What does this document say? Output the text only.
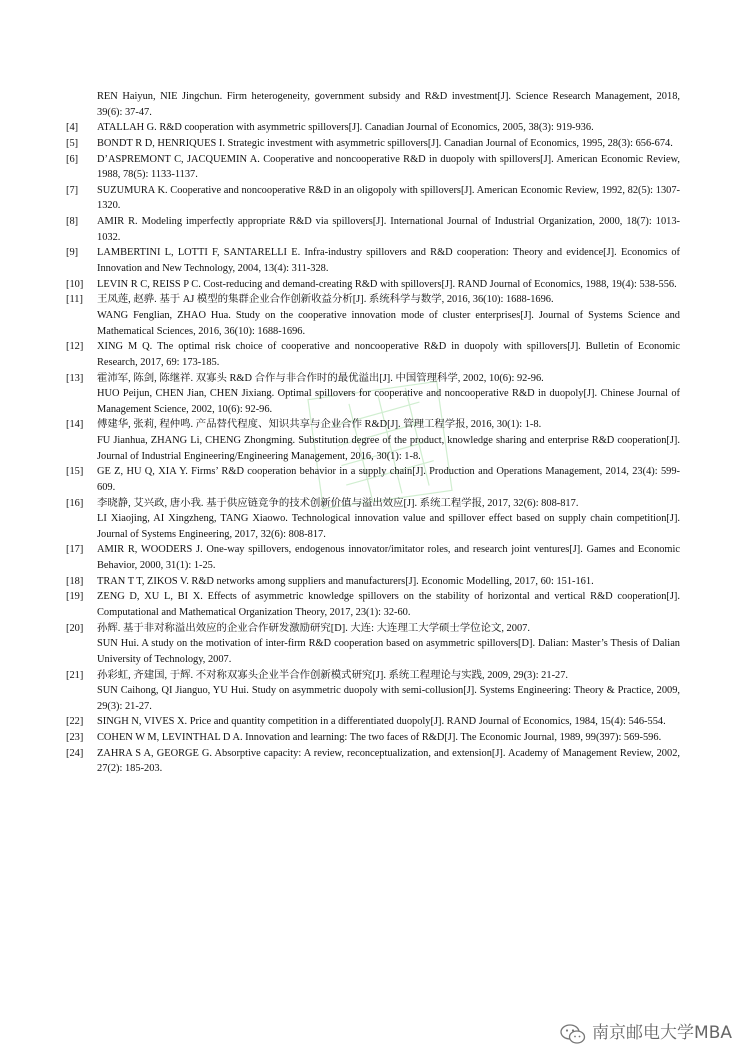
REN Haiyun, NIE Jingchun. Firm heterogeneity, government subsidy and R&D investment[J]. Science Research Management, 2018, 39(6): 37-47.

[4]	ATALLAH G. R&D cooperation with asymmetric spillovers[J]. Canadian Journal of Economics, 2005, 38(3): 919-936.

[5]	BONDT R D, HENRIQUES I. Strategic investment with asymmetric spillovers[J]. Canadian Journal of Economics, 1995, 28(3): 656-674.

[6]	D’ASPREMONT C, JACQUEMIN A. Cooperative and noncooperative R&D in duopoly with spillovers[J]. American Economic Review, 1988, 78(5): 1133-1137.

[7]	SUZUMURA K. Cooperative and noncooperative R&D in an oligopoly with spillovers[J]. American Economic Review, 1992, 82(5): 1307-1320.

[8]	AMIR R. Modeling imperfectly appropriate R&D via spillovers[J]. International Journal of Industrial Organization, 2000, 18(7): 1013-1032.

[9]	LAMBERTINI L, LOTTI F, SANTARELLI E. Infra-industry spillovers and R&D cooperation: Theory and evidence[J]. Economics of Innovation and New Technology, 2004, 13(4): 311-328.

[10]	LEVIN R C, REISS P C. Cost-reducing and demand-creating R&D with spillovers[J]. RAND Journal of Economics, 1988, 19(4): 538-556.

[11]	王凤莲, 赵骅. 基于 AJ 模型的集群企业合作创新收益分析[J]. 系统科学与数学, 2016, 36(10): 1688-1696.

WANG Fenglian, ZHAO Hua. Study on the cooperative innovation mode of cluster enterprises[J]. Journal of Systems Science and Mathematical Sciences, 2016, 36(10): 1688-1696.

[12]	XING M Q. The optimal risk choice of cooperative and noncooperative R&D in duopoly with spillovers[J]. Bulletin of Economic Research, 2017, 69: 173-185.

[13]	霍沛军, 陈剑, 陈继祥. 双寡头 R&D 合作与非合作时的最优溢出[J]. 中国管理科学, 2002, 10(6): 92-96.

HUO Peijun, CHEN Jian, CHEN Jixiang. Optimal spillovers for cooperative and noncooperative R&D in duopoly[J]. Chinese Journal of Management Science, 2002, 10(6): 92-96.

[14]	傅建华, 张莉, 程仲鸣. 产品替代程度、知识共享与企业合作 R&D[J]. 管理工程学报, 2016, 30(1): 1-8.

FU Jianhua, ZHANG Li, CHENG Zhongming. Substitution degree of the product, knowledge sharing and enterprise R&D cooperation[J]. Journal of Industrial Engineering/Engineering Management, 2016, 30(1): 1-8.

[15]	GE Z, HU Q, XIA Y. Firms’ R&D cooperation behavior in a supply chain[J]. Production and Operations Management, 2014, 23(4): 599-609.

[16]	李晓静, 艾兴政, 唐小我. 基于供应链竞争的技术创新价值与溢出效应[J]. 系统工程学报, 2017, 32(6): 808-817.

LI Xiaojing, AI Xingzheng, TANG Xiaowo. Technological innovation value and spillover effect based on supply chain competition[J]. Journal of Systems Engineering, 2017, 32(6): 808-817.

[17]	AMIR R, WOODERS J. One-way spillovers, endogenous innovator/imitator roles, and research joint ventures[J]. Games and Economic Behavior, 2000, 31(1): 1-25.

[18]	TRAN T T, ZIKOS V. R&D networks among suppliers and manufacturers[J]. Economic Modelling, 2017, 60: 151-161.

[19]	ZENG D, XU L, BI X. Effects of asymmetric knowledge spillovers on the stability of horizontal and vertical R&D cooperation[J]. Computational and Mathematical Organization Theory, 2017, 23(1): 32-60.

[20]	孙辉. 基于非对称溢出效应的企业合作研发激励研究[D]. 大连: 大连理工大学硕士学位论文, 2007.

SUN Hui. A study on the motivation of inter-firm R&D cooperation based on asymmetric spillovers[D]. Dalian: Master’s Thesis of Dalian University of Technology, 2007.

[21]	孙彩虹, 齐建国, 于辉. 不对称双寡头企业半合作创新模式研究[J]. 系统工程理论与实践, 2009, 29(3): 21-27.

SUN Caihong, QI Jianguo, YU Hui. Study on asymmetric duopoly with semi-collusion[J]. Systems Engineering: Theory & Practice, 2009, 29(3): 21-27.

[22]	SINGH N, VIVES X. Price and quantity competition in a differentiated duopoly[J]. RAND Journal of Economics, 1984, 15(4): 546-554.

[23]	COHEN W M, LEVINTHAL D A. Innovation and learning: The two faces of R&D[J]. The Economic Journal, 1989, 99(397): 569-596.

[24]	ZAHRA S A, GEORGE G. Absorptive capacity: A review, reconceptualization, and extension[J]. Academy of Management Review, 2002, 27(2): 185-203.

南京邮电大学MBA
